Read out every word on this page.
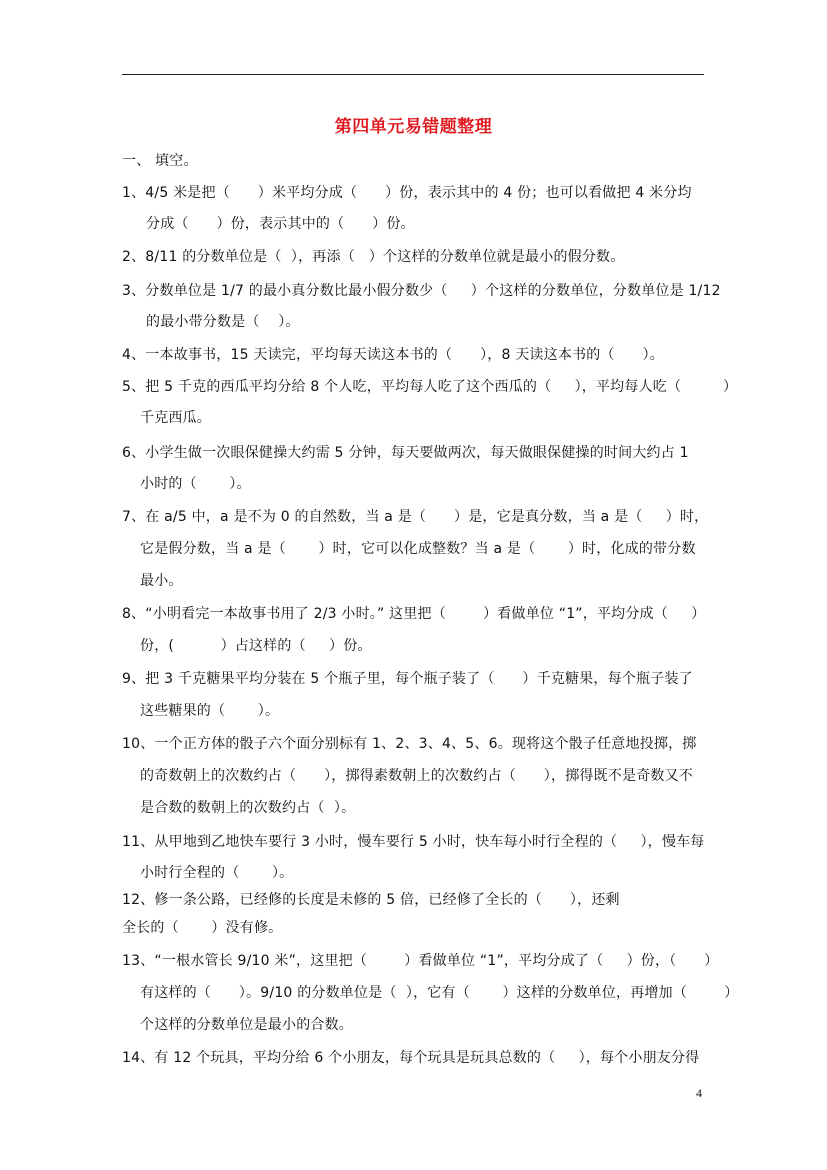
第四单元易错题整理
一、 填空。
1、4/5 米是把（      ）米平均分成（      ）份，表示其中的 4 份；也可以看做把 4 米分均
分成（      ）份，表示其中的（      ）份。
2、8/11 的分数单位是（  ），再添（   ）个这样的分数单位就是最小的假分数。
3、分数单位是 1/7 的最小真分数比最小假分数少（     ）个这样的分数单位，分数单位是 1/12
的最小带分数是（    ）。
4、一本故事书，15 天读完，平均每天读这本书的（      ），8 天读这本书的（      ）。
5、把 5 千克的西瓜平均分给 8 个人吃，平均每人吃了这个西瓜的（     ），平均每人吃（         ）
千克西瓜。
6、小学生做一次眼保健操大约需 5 分钟，每天要做两次，每天做眼保健操的时间大约占 1
小时的（       ）。
7、在 a/5 中，a 是不为 0 的自然数，当 a 是（      ）是，它是真分数，当 a 是（     ）时，
它是假分数，当 a 是（       ）时，它可以化成整数？当 a 是（       ）时，化成的带分数
最小。
8、“小明看完一本故事书用了 2/3 小时。” 这里把（        ）看做单位 “1”，平均分成（     ）
份，(          ）占这样的（     ）份。
9、把 3 千克糖果平均分装在 5 个瓶子里，每个瓶子装了（      ）千克糖果，每个瓶子装了
这些糖果的（       ）。
10、一个正方体的骰子六个面分别标有 1、2、3、4、5、6。现将这个骰子任意地投掷，掷
的奇数朝上的次数约占（      ），掷得素数朝上的次数约占（      ），掷得既不是奇数又不
是合数的数朝上的次数约占（  ）。
11、从甲地到乙地快车要行 3 小时，慢车要行 5 小时，快车每小时行全程的（     ），慢车每
小时行全程的（       ）。
12、修一条公路，已经修的长度是未修的 5 倍，已经修了全长的（      ），还剩
全长的（       ）没有修。
13、“一根水管长 9/10 米”，这里把（        ）看做单位 “1”，平均分成了（     ）份，（      ）
有这样的（      ）。9/10 的分数单位是（  ），它有（       ）这样的分数单位，再增加（        ）
个这样的分数单位是最小的合数。
14、有 12 个玩具，平均分给 6 个小朋友，每个玩具是玩具总数的（     ），每个小朋友分得
4
